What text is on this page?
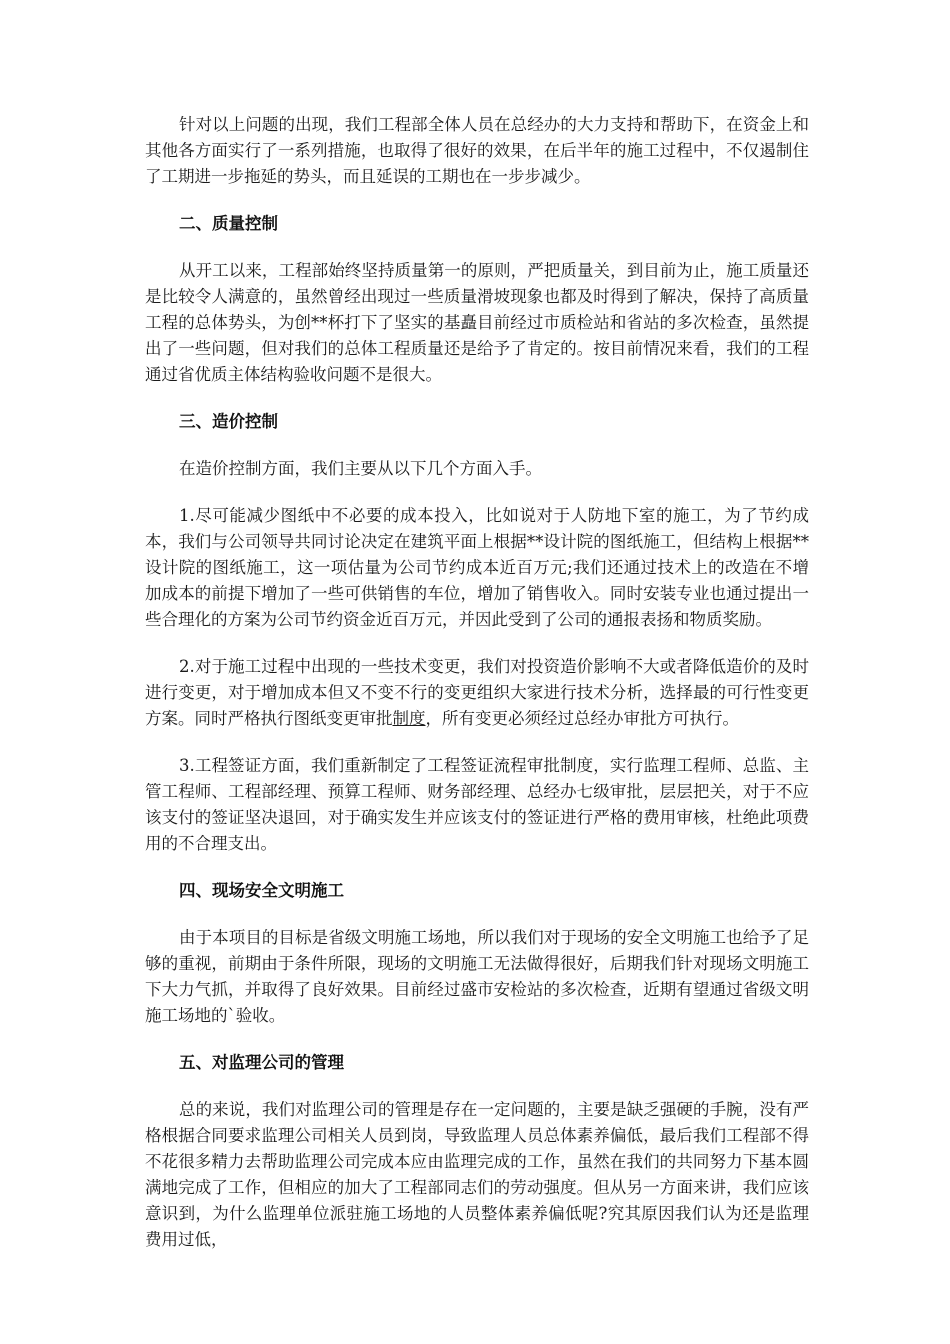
针对以上问题的出现，我们工程部全体人员在总经办的大力支持和帮助下，在资金上和其他各方面实行了一系列措施，也取得了很好的效果，在后半年的施工过程中，不仅遏制住了工期进一步拖延的势头，而且延误的工期也在一步步减少。

二、质量控制

从开工以来，工程部始终坚持质量第一的原则，严把质量关，到目前为止，施工质量还是比较令人满意的，虽然曾经出现过一些质量滑坡现象也都及时得到了解决，保持了高质量工程的总体势头，为创**杯打下了坚实的基矗目前经过市质检站和省站的多次检查，虽然提出了一些问题，但对我们的总体工程质量还是给予了肯定的。按目前情况来看，我们的工程通过省优质主体结构验收问题不是很大。

三、造价控制

在造价控制方面，我们主要从以下几个方面入手。

1.尽可能减少图纸中不必要的成本投入，比如说对于人防地下室的施工，为了节约成本，我们与公司领导共同讨论决定在建筑平面上根据**设计院的图纸施工，但结构上根据**设计院的图纸施工，这一项估量为公司节约成本近百万元;我们还通过技术上的改造在不增加成本的前提下增加了一些可供销售的车位，增加了销售收入。同时安装专业也通过提出一些合理化的方案为公司节约资金近百万元，并因此受到了公司的通报表扬和物质奖励。

2.对于施工过程中出现的一些技术变更，我们对投资造价影响不大或者降低造价的及时进行变更，对于增加成本但又不变不行的变更组织大家进行技术分析，选择最的可行性变更方案。同时严格执行图纸变更审批制度，所有变更必须经过总经办审批方可执行。

3.工程签证方面，我们重新制定了工程签证流程审批制度，实行监理工程师、总监、主管工程师、工程部经理、预算工程师、财务部经理、总经办七级审批，层层把关，对于不应该支付的签证坚决退回，对于确实发生并应该支付的签证进行严格的费用审核，杜绝此项费用的不合理支出。

四、现场安全文明施工

由于本项目的目标是省级文明施工场地，所以我们对于现场的安全文明施工也给予了足够的重视，前期由于条件所限，现场的文明施工无法做得很好，后期我们针对现场文明施工下大力气抓，并取得了良好效果。目前经过盛市安检站的多次检查，近期有望通过省级文明施工场地的`验收。

五、对监理公司的管理

总的来说，我们对监理公司的管理是存在一定问题的，主要是缺乏强硬的手腕，没有严格根据合同要求监理公司相关人员到岗，导致监理人员总体素养偏低，最后我们工程部不得不花很多精力去帮助监理公司完成本应由监理完成的工作，虽然在我们的共同努力下基本圆满地完成了工作，但相应的加大了工程部同志们的劳动强度。但从另一方面来讲，我们应该意识到，为什么监理单位派驻施工场地的人员整体素养偏低呢?究其原因我们认为还是监理费用过低，
